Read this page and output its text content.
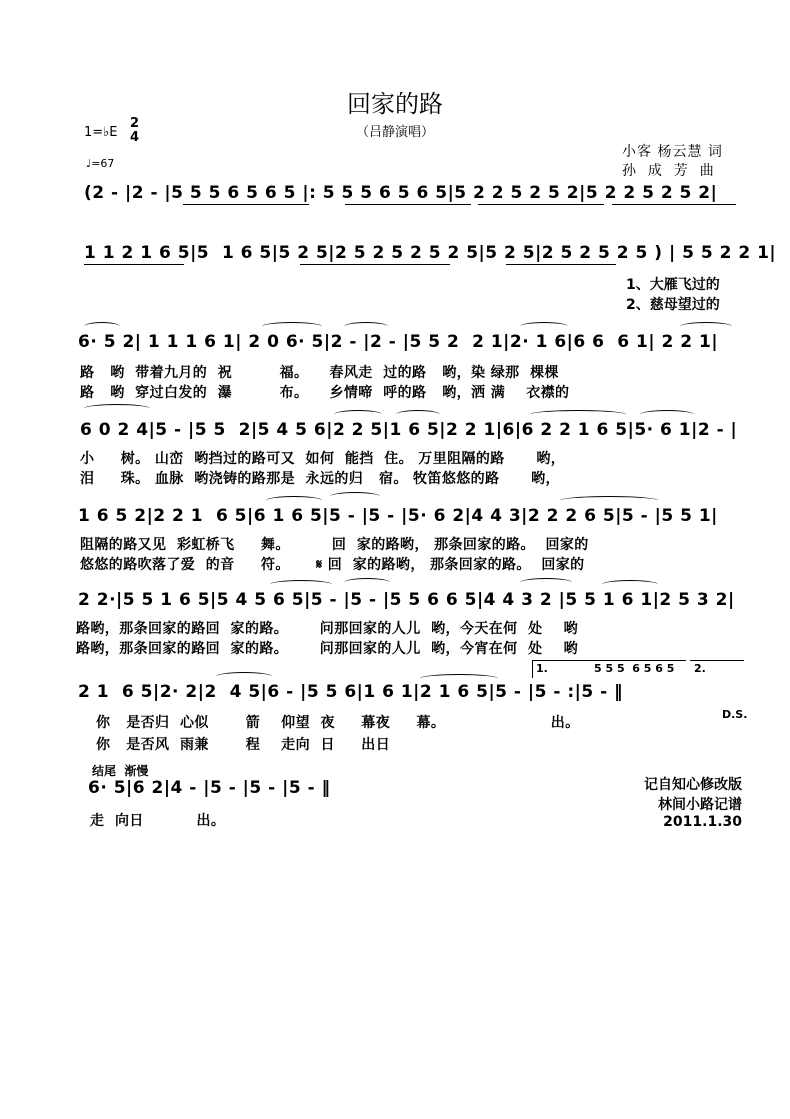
回家的路
（吕静演唱）
小客 杨云慧 词
孙  成  芳  曲
1=♭E
2
4
♩=67
(2 - |2 - |5 5 5 6 5 6 5 |: 5 5 5 6 5 6 5|5 2 2 5 2 5 2|5 2 2 5 2 5 2|
1 1 2 1 6 5|5  1 6 5|5 2 5|2 5 2 5 2 5 2 5|5 2 5|2 5 2 5 2 5 ) | 5 5 2 2 1|
1、大雁飞过的
2、慈母望过的
6· 5 2| 1 1 1 6 1| 2 0 6· 5|2 - |2 - |5 5 2  2 1|2· 1 6|6 6  6 1| 2 2 1|
路   哟  带着九月的  祝         福。    春风走  过的路   哟，染 绿那  棵棵
路   哟  穿过白发的  瀑         布。    乡情啼  呼的路   哟，洒 满    衣襟的
6 0 2 4|5 - |5 5  2|5 4 5 6|2 2 5|1 6 5|2 2 1|6|6 2 2 1 6 5|5· 6 1|2 - |
小     树。 山峦  哟挡过的路可又  如何  能挡  住。 万里阻隔的路      哟，
泪     珠。 血脉  哟浇铸的路那是  永远的归   宿。 牧笛悠悠的路      哟，
1 6 5 2|2 2 1  6 5|6 1 6 5|5 - |5 - |5· 6 2|4 4 3|2 2 2 6 5|5 - |5 5 1|
阻隔的路又见  彩虹桥飞     舞。        回  家的路哟， 那条回家的路。  回家的
悠悠的路吹落了爱  的音     符。     𝄋 回  家的路哟， 那条回家的路。  回家的
2 2·|5 5 1 6 5|5 4 5 6 5|5 - |5 - |5 5 6 6 5|4 4 3 2 |5 5 1 6 1|2 5 3 2|
路哟，那条回家的路回  家的路。      问那回家的人儿  哟，今天在何  处    哟
路哟，那条回家的路回  家的路。      问那回家的人儿  哟，今宵在何  处    哟
1.	5 5 5  6 5 6 5 2.
2 1  6 5|2· 2|2  4 5|6 - |5 5 6|1 6 1|2 1 6 5|5 - |5 - :|5 - ‖
D.S.
你   是否归  心似       箭    仰望  夜     幕夜     幕。                    出。
你   是否风  雨兼       程    走向  日     出日
结尾  渐慢
6· 5|6 2|4 - |5 - |5 - |5 - ‖
走  向日          出。
记自知心修改版
林间小路记谱
2011.1.30
